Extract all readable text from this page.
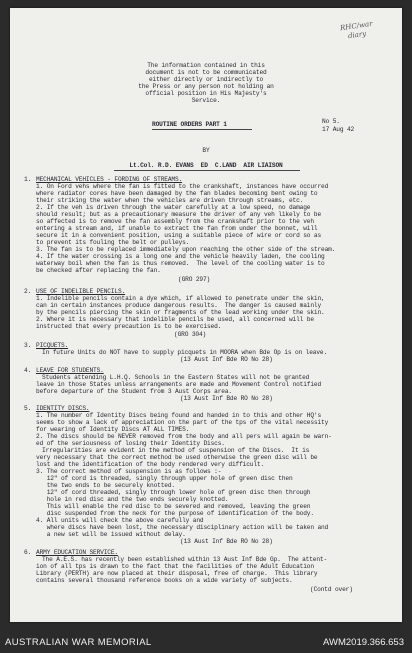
RHC/war
diary
The information contained in this
document is not to be communicated
either directly or indirectly to
the Press or any person not holding an
official position in His Majesty's
Service.
ROUTINE ORDERS PART 1	No 5.
17 Aug 42
BY
Lt.Col. R.D. EVANS  ED  C.LAND  AIR LIAISON
1. MECHANICAL VEHICLES - FORDING OF STREAMS.
1. On Ford vehs where the fan is fitted to the crankshaft, instances have occurred
where radiator cores have been damaged by the fan blades becoming bent owing to
their striking the water when the vehicles are driven through streams, etc.
2. If the veh is driven through the water carefully at a low speed, no damage
should result; but as a precautionary measure the driver of any veh likely to be
so affected is to remove the fan assembly from the crankshaft prior to the veh
entering a stream and, if unable to extract the fan from under the bonnet, will
secure it in a convenient position, using a suitable piece of wire or cord so as
to prevent its fouling the belt or pulleys.
3. The fan is to be replaced immediately upon reaching the other side of the stream.
4. If the water crossing is a long one and the vehicle heavily laden, the cooling
waterway boil when the fan is thus removed.  The level of the cooling water is to
be checked after replacing the fan.
(GRO 297)
2. USE OF INDELIBLE PENCILS.
1. Indelible pencils contain a dye which, if allowed to penetrate under the skin,
can in certain instances produce dangerous results.  The danger is caused mainly
by the pencils piercing the skin or fragments of the lead working under the skin.
2. Where it is necessary that indelible pencils be used, all concerned will be
instructed that every precaution is to be exercised.
(GRO 304)
3. PICQUETS.
In future Units do NOT have to supply picquets in MOORA when Bde Op is on leave.
(13 Aust Inf Bde RO No 28)
4. LEAVE FOR STUDENTS.
Students attending L.H.Q. Schools in the Eastern States will not be granted
leave in those States unless arrangements are made and Movement Control notified
before departure of the Student from 3 Aust Corps area.
(13 Aust Inf Bde RO No 28)
5. IDENTITY DISCS.
1. The number of Identity Discs being found and handed in to this and other HQ's
seems to show a lack of appreciation on the part of the tps of the vital necessity
for wearing of Identity Discs AT ALL TIMES.
2. The discs should be NEVER removed from the body and all pers will again be warn-
ed of the seriousness of losing their Identity Discs.
Irregularities are evident in the method of suspension of the Discs.  It is
very necessary that the correct method be used otherwise the green disc will be
lost and the identification of the body rendered very difficult.
3. The correct method of suspension is as follows :-
12" of cord is threaded, singly through upper hole of green disc then
the two ends to be securely knotted.
12" of cord threaded, singly through lower hole of green disc then through
hole in red disc and the two ends securely knotted.
This will enable the red disc to be severed and removed, leaving the green
disc suspended from the neck for the purpose of identification of the body.
4. All units will check the above carefully and
where discs have been lost, the necessary disciplinary action will be taken and
a new set will be issued without delay.
(13 Aust Inf Bde RO No 28)
6. ARMY EDUCATION SERVICE.
The A.E.S. has recently been established within 13 Aust Inf Bde Gp.  The attent-
ion of all tps is drawn to the fact that the facilities of the Adult Education
Library (PERTH) are now placed at their disposal, free of charge.  This library
contains several thousand reference books on a wide variety of subjects.
(Contd over)
AUSTRALIAN WAR MEMORIAL	AWM2019.366.653
